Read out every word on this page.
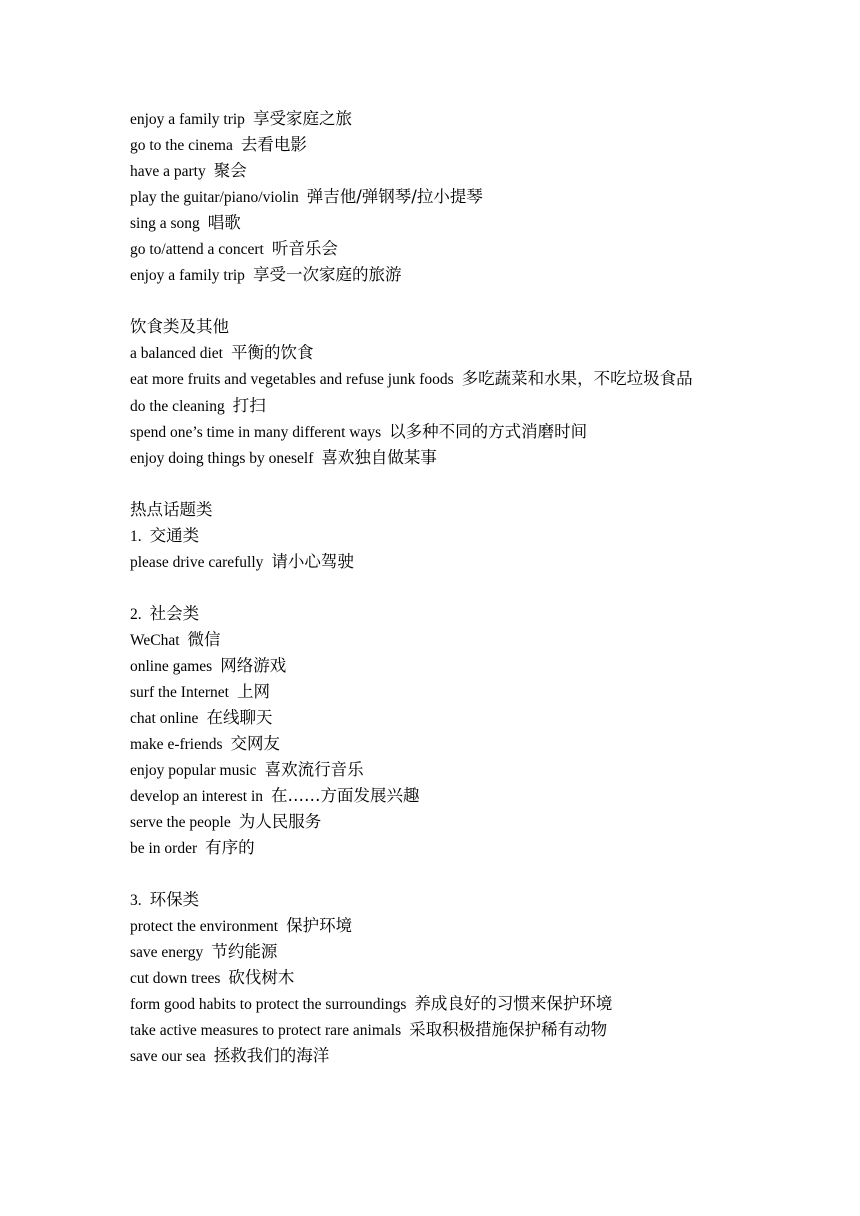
enjoy a family trip 享受家庭之旅
go to the cinema 去看电影
have a party 聚会
play the guitar/piano/violin 弹吉他/弹钢琴/拉小提琴
sing a song 唱歌
go to/attend a concert 听音乐会
enjoy a family trip 享受一次家庭的旅游
饮食类及其他
a balanced diet 平衡的饮食
eat more fruits and vegetables and refuse junk foods 多吃蔬菜和水果，不吃垃圾食品
do the cleaning 打扫
spend one’s time in many different ways 以多种不同的方式消磨时间
enjoy doing things by oneself 喜欢独自做某事
热点话题类
1. 交通类
please drive carefully 请小心驾驶
2. 社会类
WeChat 微信
online games 网络游戏
surf the Internet 上网
chat online 在线聊天
make e-friends 交网友
enjoy popular music 喜欢流行音乐
develop an interest in 在……方面发展兴趣
serve the people 为人民服务
be in order 有序的
3. 环保类
protect the environment 保护环境
save energy 节约能源
cut down trees 砍伐树木
form good habits to protect the surroundings 养成良好的习惯来保护环境
take active measures to protect rare animals 采取积极措施保护稀有动物
save our sea 拯救我们的海洋
